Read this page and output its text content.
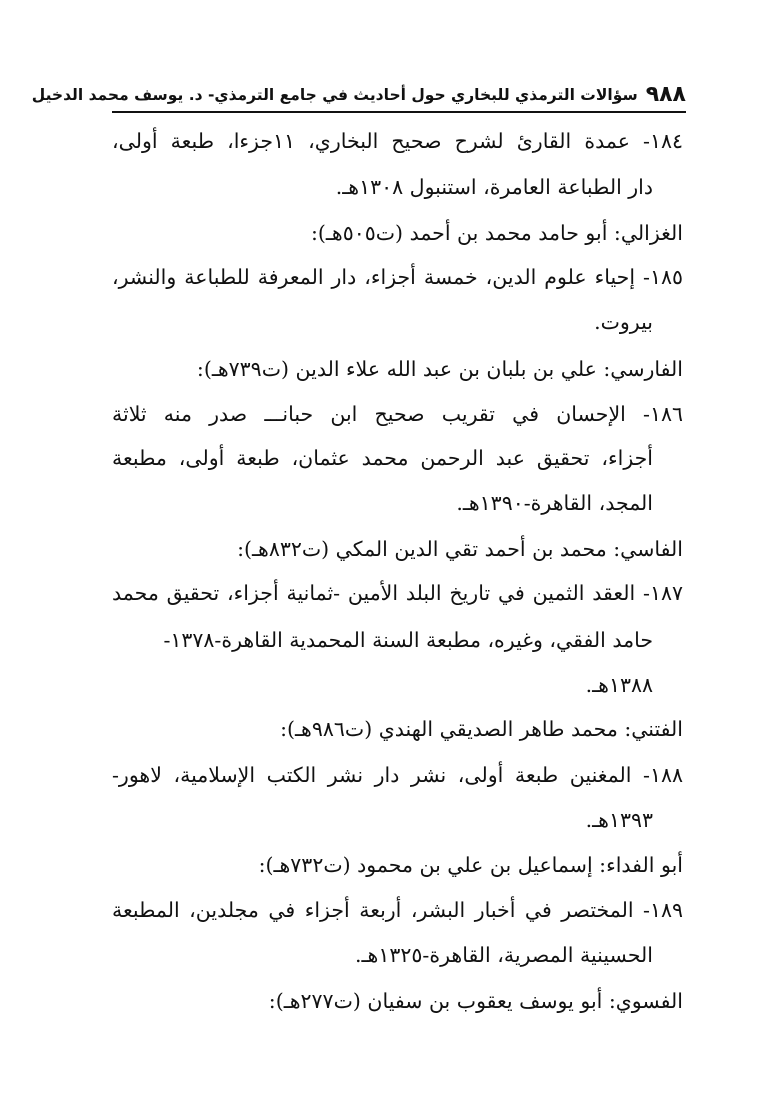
٩٨٨
سؤالات الترمذي للبخاري حول أحاديث في جامع الترمذي- د. يوسف محمد الدخيل
١٨٤- عمدة القارئ لشرح صحيح البخاري، ١١جزءا، طبعة أولى،
دار الطباعة العامرة، استنبول ١٣٠٨هـ.
الغزالي: أبو حامد محمد بن أحمد (ت٥٠٥هـ):
١٨٥- إحياء علوم الدين، خمسة أجزاء، دار المعرفة للطباعة والنشر،
بيروت.
الفارسي: علي بن بلبان بن عبد الله علاء الدين (ت٧٣٩هـ):
١٨٦- الإحسان في تقريب صحيح ابن حبانـــ صدر منه ثلاثة
أجزاء، تحقيق عبد الرحمن محمد عثمان، طبعة أولى، مطبعة
المجد، القاهرة-١٣٩٠هـ.
الفاسي: محمد بن أحمد تقي الدين المكي (ت٨٣٢هـ):
١٨٧- العقد الثمين في تاريخ البلد الأمين -ثمانية أجزاء، تحقيق محمد
حامد الفقي، وغيره، مطبعة السنة المحمدية القاهرة-١٣٧٨-
١٣٨٨هـ.
الفتني: محمد طاهر الصديقي الهندي (ت٩٨٦هـ):
١٨٨- المغنين طبعة أولى، نشر دار نشر الكتب الإسلامية، لاهور-
١٣٩٣هـ.
أبو الفداء: إسماعيل بن علي بن محمود (ت٧٣٢هـ):
١٨٩- المختصر في أخبار البشر، أربعة أجزاء في مجلدين، المطبعة
الحسينية المصرية، القاهرة-١٣٢٥هـ.
الفسوي: أبو يوسف يعقوب بن سفيان (ت٢٧٧هـ):
